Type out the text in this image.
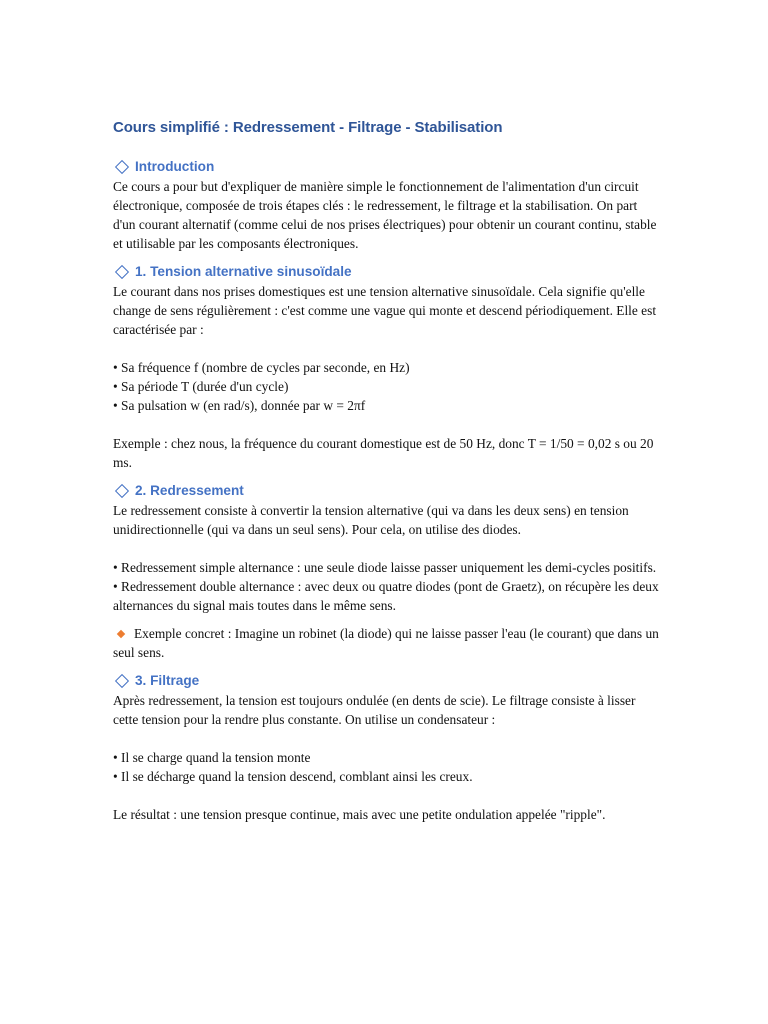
Cours simplifié : Redressement - Filtrage - Stabilisation
Introduction

Ce cours a pour but d'expliquer de manière simple le fonctionnement de l'alimentation d'un circuit électronique, composée de trois étapes clés : le redressement, le filtrage et la stabilisation. On part d'un courant alternatif (comme celui de nos prises électriques) pour obtenir un courant continu, stable et utilisable par les composants électroniques.

1. Tension alternative sinusoïdale

Le courant dans nos prises domestiques est une tension alternative sinusoïdale. Cela signifie qu'elle change de sens régulièrement : c'est comme une vague qui monte et descend périodiquement. Elle est caractérisée par :

• Sa fréquence f (nombre de cycles par seconde, en Hz)
• Sa période T (durée d'un cycle)
• Sa pulsation w (en rad/s), donnée par w = 2πf

Exemple : chez nous, la fréquence du courant domestique est de 50 Hz, donc T = 1/50 = 0,02 s ou 20 ms.

2. Redressement

Le redressement consiste à convertir la tension alternative (qui va dans les deux sens) en tension unidirectionnelle (qui va dans un seul sens). Pour cela, on utilise des diodes.

• Redressement simple alternance : une seule diode laisse passer uniquement les demi-cycles positifs.
• Redressement double alternance : avec deux ou quatre diodes (pont de Graetz), on récupère les deux alternances du signal mais toutes dans le même sens.

Exemple concret : Imagine un robinet (la diode) qui ne laisse passer l'eau (le courant) que dans un seul sens.

3. Filtrage

Après redressement, la tension est toujours ondulée (en dents de scie). Le filtrage consiste à lisser cette tension pour la rendre plus constante. On utilise un condensateur :

• Il se charge quand la tension monte
• Il se décharge quand la tension descend, comblant ainsi les creux.

Le résultat : une tension presque continue, mais avec une petite ondulation appelée "ripple".
